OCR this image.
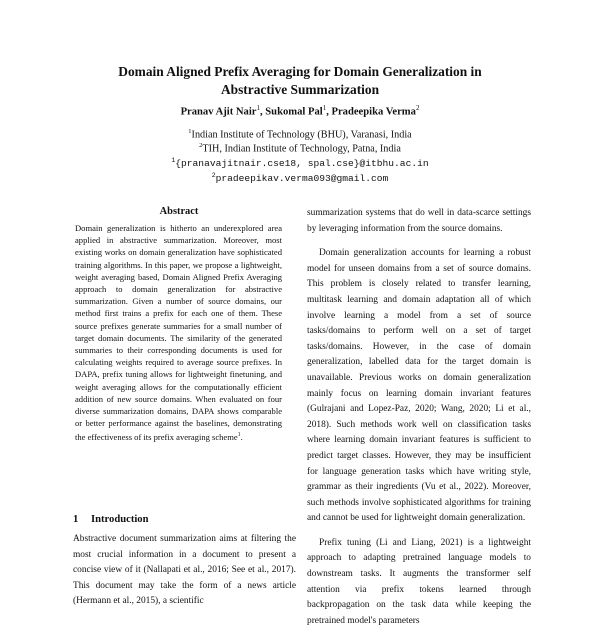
Domain Aligned Prefix Averaging for Domain Generalization in
Abstractive Summarization
Pranav Ajit Nair$^1$, Sukomal Pal$^1$, Pradeepika Verma$^2$
$^1$Indian Institute of Technology (BHU), Varanasi, India
$^2$TIH, Indian Institute of Technology, Patna, India
$^1${pranavajitnair.cse18, spal.cse}@itbhu.ac.in
$^2$pradeepikav.verma093@gmail.com
Abstract
Domain generalization is hitherto an underexplored area applied in abstractive summarization. Moreover, most existing works on domain generalization have sophisticated training algorithms. In this paper, we propose a lightweight, weight averaging based, Domain Aligned Prefix Averaging approach to domain generalization for abstractive summarization. Given a number of source domains, our method first trains a prefix for each one of them. These source prefixes generate summaries for a small number of target domain documents. The similarity of the generated summaries to their corresponding documents is used for calculating weights required to average source prefixes. In DAPA, prefix tuning allows for lightweight finetuning, and weight averaging allows for the computationally efficient addition of new source domains. When evaluated on four diverse summarization domains, DAPA shows comparable or better performance against the baselines, demonstrating the effectiveness of its prefix averaging scheme$^1$.
1 Introduction

Abstractive document summarization aims at filtering the most crucial information in a document to present a concise view of it (Nallapati et al., 2016; See et al., 2017). This document may take the form of a news article (Hermann et al., 2015), a scientific

summarization systems that do well in data-scarce settings by leveraging information from the source domains.

Domain generalization accounts for learning a robust model for unseen domains from a set of source domains. This problem is closely related to transfer learning, multitask learning and domain adaptation all of which involve learning a model from a set of source tasks/domains to perform well on a set of target tasks/domains. However, in the case of domain generalization, labelled data for the target domain is unavailable. Previous works on domain generalization mainly focus on learning domain invariant features (Gulrajani and Lopez-Paz, 2020; Wang, 2020; Li et al., 2018). Such methods work well on classification tasks where learning domain invariant features is sufficient to predict target classes. However, they may be insufficient for language generation tasks which have writing style, grammar as their ingredients (Vu et al., 2022). Moreover, such methods involve sophisticated algorithms for training and cannot be used for lightweight domain generalization.

Prefix tuning (Li and Liang, 2021) is a lightweight approach to adapting pretrained language models to downstream tasks. It augments the transformer self attention via prefix tokens learned through backpropagation on the task data while keeping the pretrained model's parameters
